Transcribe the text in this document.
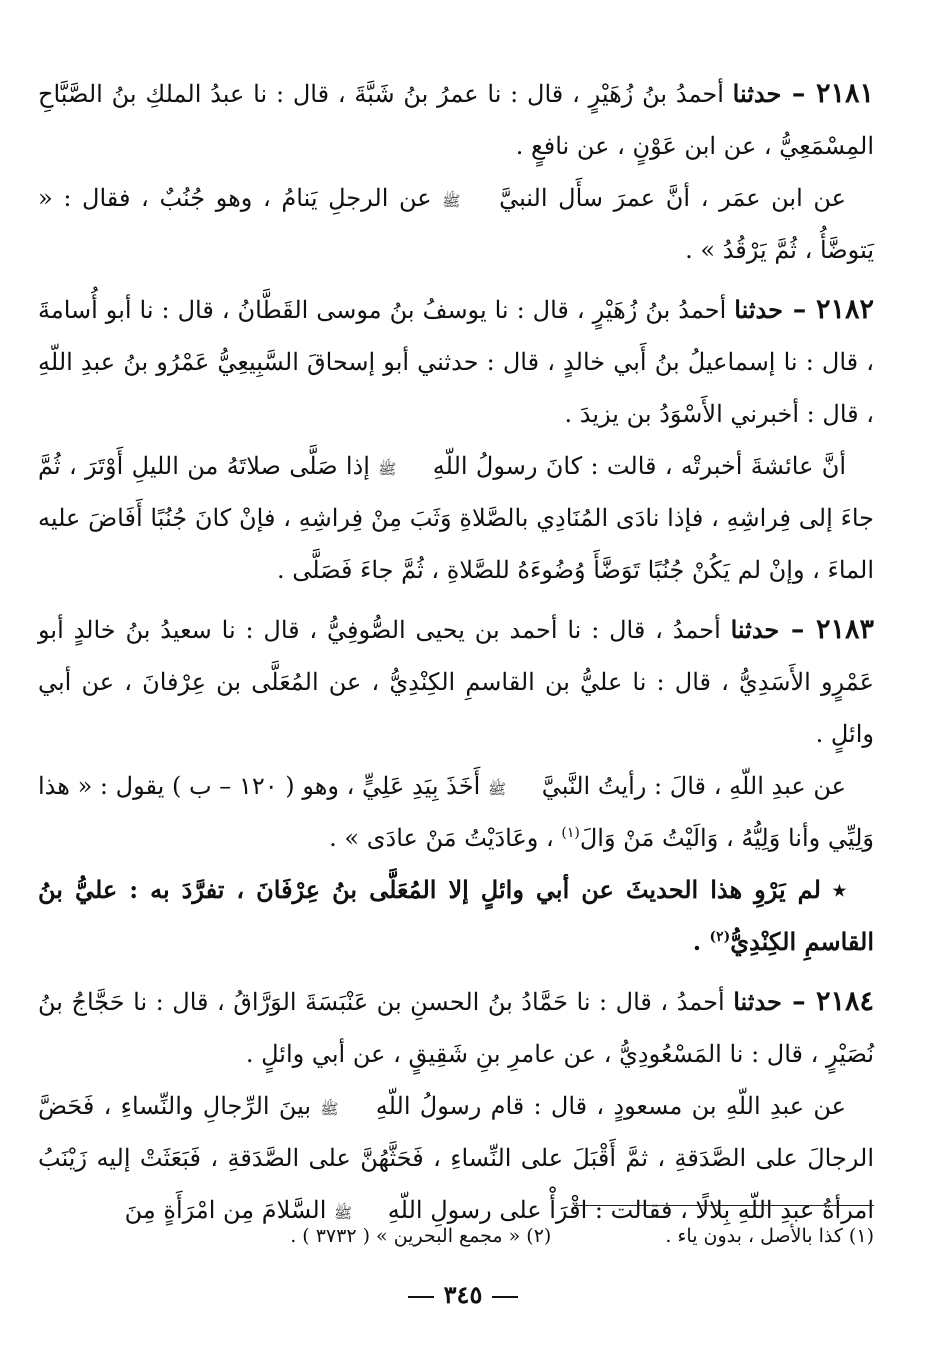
٢١٨١ – حدثنا أحمدُ بنُ زُهَيْرٍ ، قال : نا عمرُ بنُ شَبَّةَ ، قال : نا عبدُ الملكِ بنُ الصَّبَّاحِ المِسْمَعِيُّ ، عن ابن عَوْنٍ ، عن نافعٍ .

عن ابن عمَر ، أنَّ عمرَ سأَل النبيَّ ﷺ عن الرجلِ يَنامُ ، وهو جُنُبٌ ، فقال : « يَتوضَّأُ ، ثُمَّ يَرْقُدُ » .

٢١٨٢ – حدثنا أحمدُ بنُ زُهَيْرٍ ، قال : نا يوسفُ بنُ موسى القَطَّانُ ، قال : نا أبو أُسامةَ ، قال : نا إسماعيلُ بنُ أَبي خالدٍ ، قال : حدثني أبو إسحاقَ السَّبِيعِيُّ عَمْرُو بنُ عبدِ اللّهِ ، قال : أخبرني الأَسْوَدُ بن يزيدَ .

أنَّ عائشةَ أخبرتْه ، قالت : كانَ رسولُ اللّهِ ﷺ إذا صَلَّى صلاتَهُ من الليلِ أَوْتَرَ ، ثُمَّ جاءَ إلى فِراشِهِ ، فإذا نادَى المُنَادِي بالصَّلاةِ وَثَبَ مِنْ فِراشِهِ ، فإنْ كانَ جُنُبًا أَفَاضَ عليه الماءَ ، وإنْ لم يَكُنْ جُنُبًا تَوَضَّأَ وُضُوءَهُ للصَّلاةِ ، ثُمَّ جاءَ فَصَلَّى .

٢١٨٣ – حدثنا أحمدُ ، قال : نا أحمد بن يحيى الصُّوفِيُّ ، قال : نا سعيدُ بنُ خالدٍ أبو عَمْرٍو الأَسَدِيُّ ، قال : نا عليُّ بن القاسمِ الكِنْدِيُّ ، عن المُعَلَّى بن عِرْفانَ ، عن أبي وائلٍ .

عن عبدِ اللّهِ ، قالَ : رأيتُ النَّبيَّ ﷺ أَخَذَ بِيَدِ عَلِيٍّ ، وهو ( ١٢٠ – ب ) يقول : « هذا وَلِيِّي وأنا وَلِيُّهُ ، وَالَيْتُ مَنْ وَالَ$^{(١)}$ ، وعَادَيْتُ مَنْ عادَى » .

٭ لم يَرْوِ هذا الحديثَ عن أبي وائلٍ إلا المُعَلَّى بنُ عِرْفَانَ ، تفرَّدَ به : عليُّ بنُ القاسمِ الكِنْدِيُّ$^{(٢)}$ .

٢١٨٤ – حدثنا أحمدُ ، قال : نا حَمَّادُ بنُ الحسنِ بن عَنْبَسَةَ الوَرَّاقُ ، قال : نا حَجَّاجُ بنُ نُصَيْرٍ ، قال : نا المَسْعُودِيُّ ، عن عامرِ بنِ شَقِيقٍ ، عن أبي وائلٍ .

عن عبدِ اللّهِ بن مسعودٍ ، قال : قام رسولُ اللّهِ ﷺ بينَ الرِّجالِ والنِّساءِ ، فَحَضَّ الرجالَ على الصَّدَقةِ ، ثمَّ أَقْبَلَ على النِّساءِ ، فَحَثَّهُنَّ على الصَّدَقةِ ، فَبَعَثَتْ إليه زَيْنَبُ امرأةُ عبدِ اللّهِ بِلالًا ، فقالت : اقْرَأْ على رسولِ اللّهِ ﷺ السَّلامَ مِن امْرَأَةٍ مِنَ

(١) كذا بالأصل ، بدون ياء . (٢) « مجمع البحرين » ( ٣٧٣٢ ) .
٣٤٥
